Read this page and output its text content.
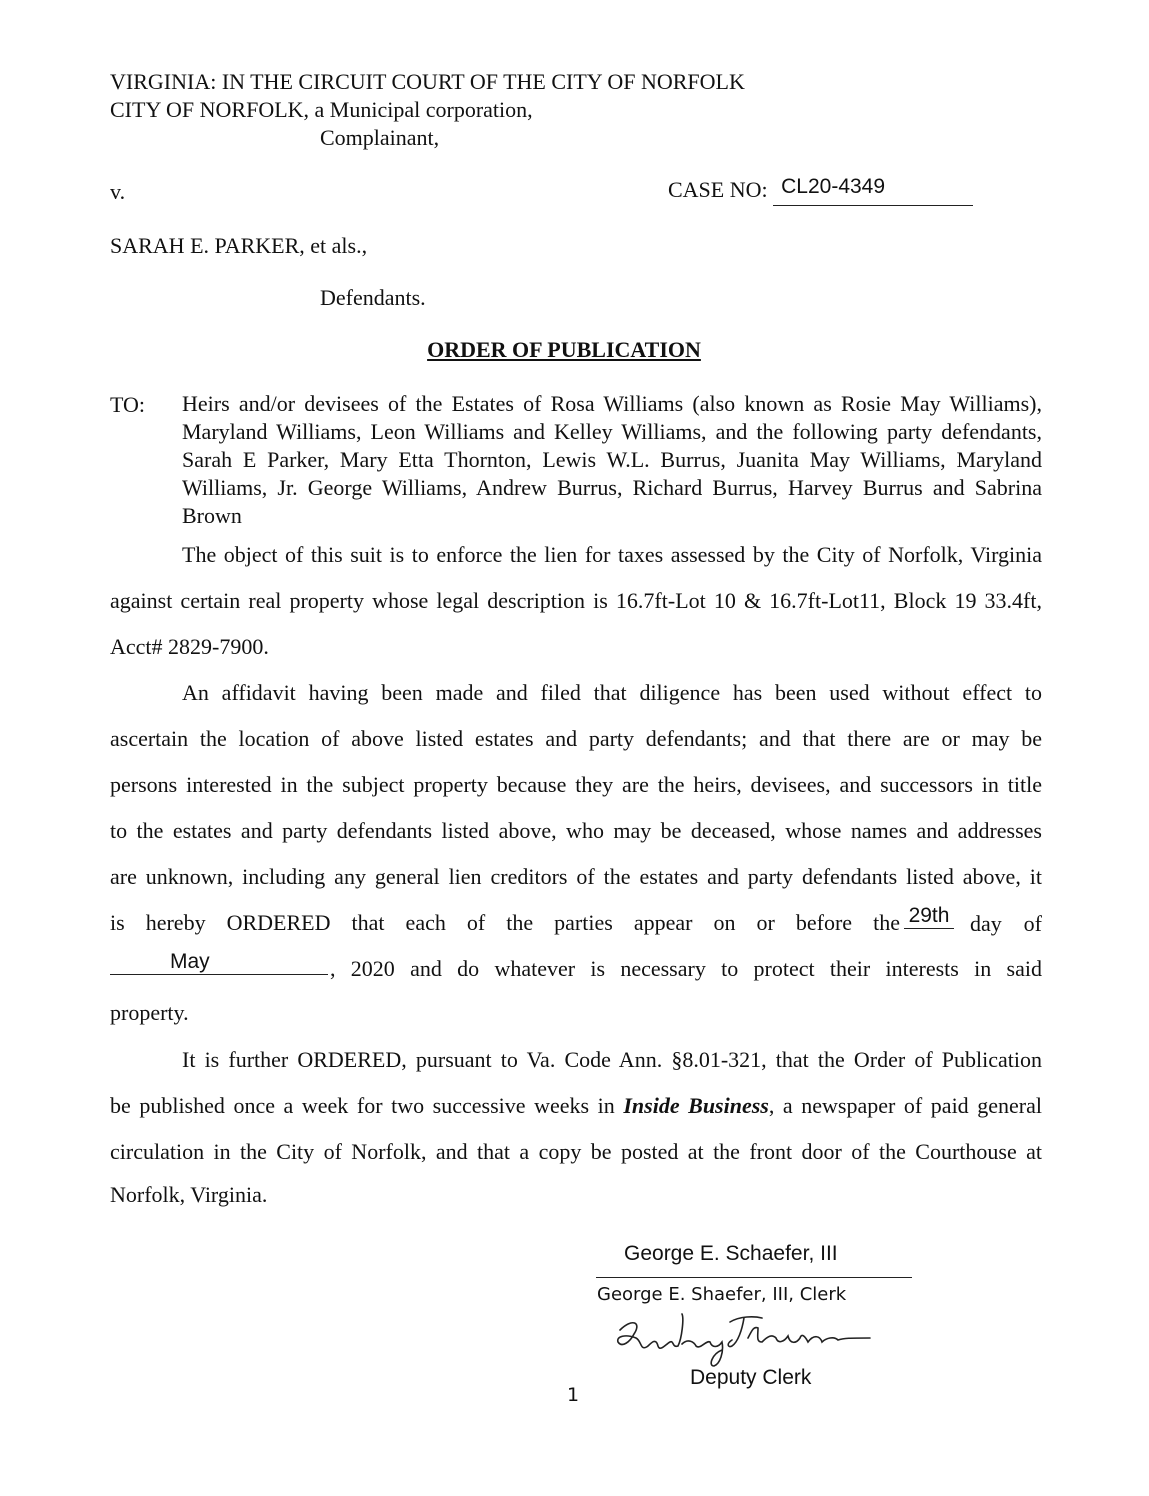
VIRGINIA: IN THE CIRCUIT COURT OF THE CITY OF NORFOLK
CITY OF NORFOLK, a Municipal corporation,
Complainant,
v.	CASE NO: CL20-4349
SARAH E. PARKER, et als.,
Defendants.
ORDER OF PUBLICATION
TO: Heirs and/or devisees of the Estates of Rosa Williams (also known as Rosie May Williams),
Maryland Williams, Leon Williams and Kelley Williams, and the following party defendants,
Sarah E Parker, Mary Etta Thornton, Lewis W.L. Burrus, Juanita May Williams, Maryland
Williams, Jr. George Williams, Andrew Burrus, Richard Burrus, Harvey Burrus and Sabrina
Brown
The object of this suit is to enforce the lien for taxes assessed by the City of Norfolk, Virginia
against certain real property whose legal description is 16.7ft-Lot 10 & 16.7ft-Lot11, Block 19 33.4ft,
Acct# 2829-7900.
An affidavit having been made and filed that diligence has been used without effect to
ascertain the location of above listed estates and party defendants; and that there are or may be
persons interested in the subject property because they are the heirs, devisees, and successors in title
to the estates and party defendants listed above, who may be deceased, whose names and addresses
are unknown, including any general lien creditors of the estates and party defendants listed above, it
is hereby ORDERED that each of the parties appear on or before the 29th day of
May	, 2020 and do whatever is necessary to protect their interests in said
property.
It is further ORDERED, pursuant to Va. Code Ann. §8.01-321, that the Order of Publication
be published once a week for two successive weeks in Inside Business, a newspaper of paid general
circulation in the City of Norfolk, and that a copy be posted at the front door of the Courthouse at
Norfolk, Virginia.
George E. Schaefer, III
George E. Shaefer, III, Clerk
Deputy Clerk
1
